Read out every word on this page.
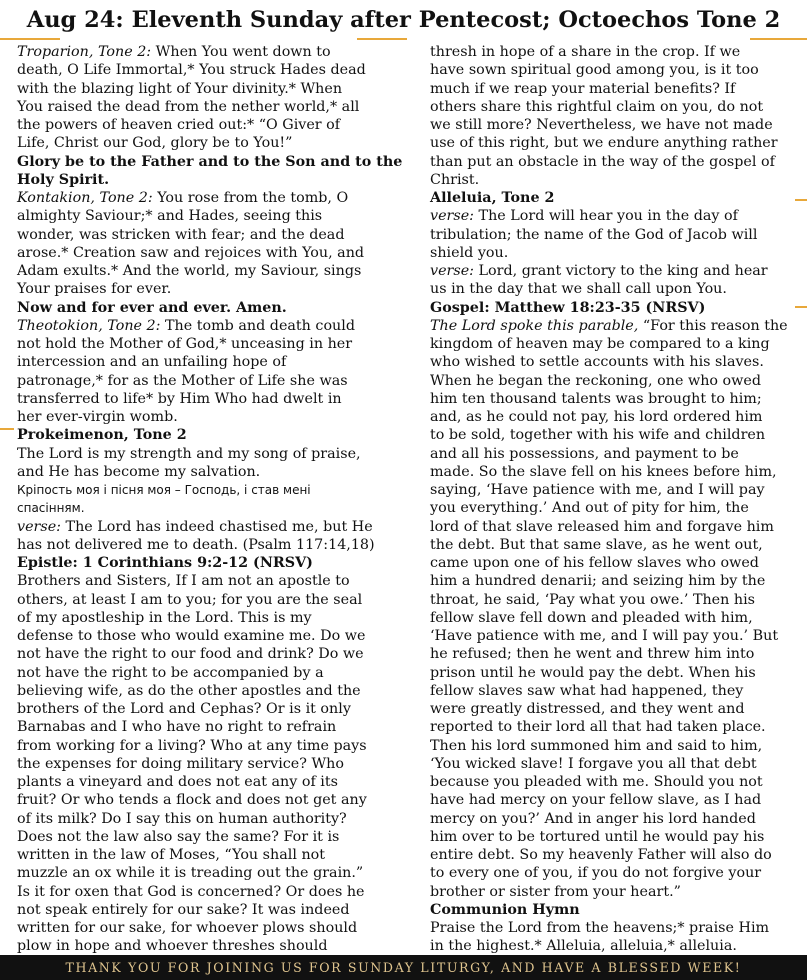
Aug 24: Eleventh Sunday after Pentecost; Octoechos Tone 2
Troparion, Tone 2: When You went down to
death, O Life Immortal,* You struck Hades dead
with the blazing light of Your divinity.* When
You raised the dead from the nether world,* all
the powers of heaven cried out:* “O Giver of
Life, Christ our God, glory be to You!”
Glory be to the Father and to the Son and to the
Holy Spirit.
Kontakion, Tone 2: You rose from the tomb, O
almighty Saviour;* and Hades, seeing this
wonder, was stricken with fear; and the dead
arose.* Creation saw and rejoices with You, and
Adam exults.* And the world, my Saviour, sings
Your praises for ever.
Now and for ever and ever. Amen.
Theotokion, Tone 2: The tomb and death could
not hold the Mother of God,* unceasing in her
intercession and an unfailing hope of
patronage,* for as the Mother of Life she was
transferred to life* by Him Who had dwelt in
her ever-virgin womb.
Prokeimenon, Tone 2
The Lord is my strength and my song of praise,
and He has become my salvation.
Кріпость моя і пісня моя – Господь, і став мені
спасінням.
verse: The Lord has indeed chastised me, but He
has not delivered me to death. (Psalm 117:14,18)
Epistle: 1 Corinthians 9:2-12 (NRSV)
Brothers and Sisters, If I am not an apostle to
others, at least I am to you; for you are the seal
of my apostleship in the Lord. This is my
defense to those who would examine me. Do we
not have the right to our food and drink? Do we
not have the right to be accompanied by a
believing wife, as do the other apostles and the
brothers of the Lord and Cephas? Or is it only
Barnabas and I who have no right to refrain
from working for a living? Who at any time pays
the expenses for doing military service? Who
plants a vineyard and does not eat any of its
fruit? Or who tends a flock and does not get any
of its milk? Do I say this on human authority?
Does not the law also say the same? For it is
written in the law of Moses, “You shall not
muzzle an ox while it is treading out the grain.”
Is it for oxen that God is concerned? Or does he
not speak entirely for our sake? It was indeed
written for our sake, for whoever plows should
plow in hope and whoever threshes should
thresh in hope of a share in the crop. If we
have sown spiritual good among you, is it too
much if we reap your material benefits? If
others share this rightful claim on you, do not
we still more? Nevertheless, we have not made
use of this right, but we endure anything rather
than put an obstacle in the way of the gospel of
Christ.
Alleluia, Tone 2
verse: The Lord will hear you in the day of
tribulation; the name of the God of Jacob will
shield you.
verse: Lord, grant victory to the king and hear
us in the day that we shall call upon You.
Gospel: Matthew 18:23-35 (NRSV)
The Lord spoke this parable, “For this reason the
kingdom of heaven may be compared to a king
who wished to settle accounts with his slaves.
When he began the reckoning, one who owed
him ten thousand talents was brought to him;
and, as he could not pay, his lord ordered him
to be sold, together with his wife and children
and all his possessions, and payment to be
made. So the slave fell on his knees before him,
saying, ‘Have patience with me, and I will pay
you everything.’ And out of pity for him, the
lord of that slave released him and forgave him
the debt. But that same slave, as he went out,
came upon one of his fellow slaves who owed
him a hundred denarii; and seizing him by the
throat, he said, ‘Pay what you owe.’ Then his
fellow slave fell down and pleaded with him,
‘Have patience with me, and I will pay you.’ But
he refused; then he went and threw him into
prison until he would pay the debt. When his
fellow slaves saw what had happened, they
were greatly distressed, and they went and
reported to their lord all that had taken place.
Then his lord summoned him and said to him,
‘You wicked slave! I forgave you all that debt
because you pleaded with me. Should you not
have had mercy on your fellow slave, as I had
mercy on you?’ And in anger his lord handed
him over to be tortured until he would pay his
entire debt. So my heavenly Father will also do
to every one of you, if you do not forgive your
brother or sister from your heart.”
Communion Hymn
Praise the Lord from the heavens;* praise Him
in the highest.* Alleluia, alleluia,* alleluia.
THANK YOU FOR JOINING US FOR SUNDAY LITURGY, AND HAVE A BLESSED WEEK!
